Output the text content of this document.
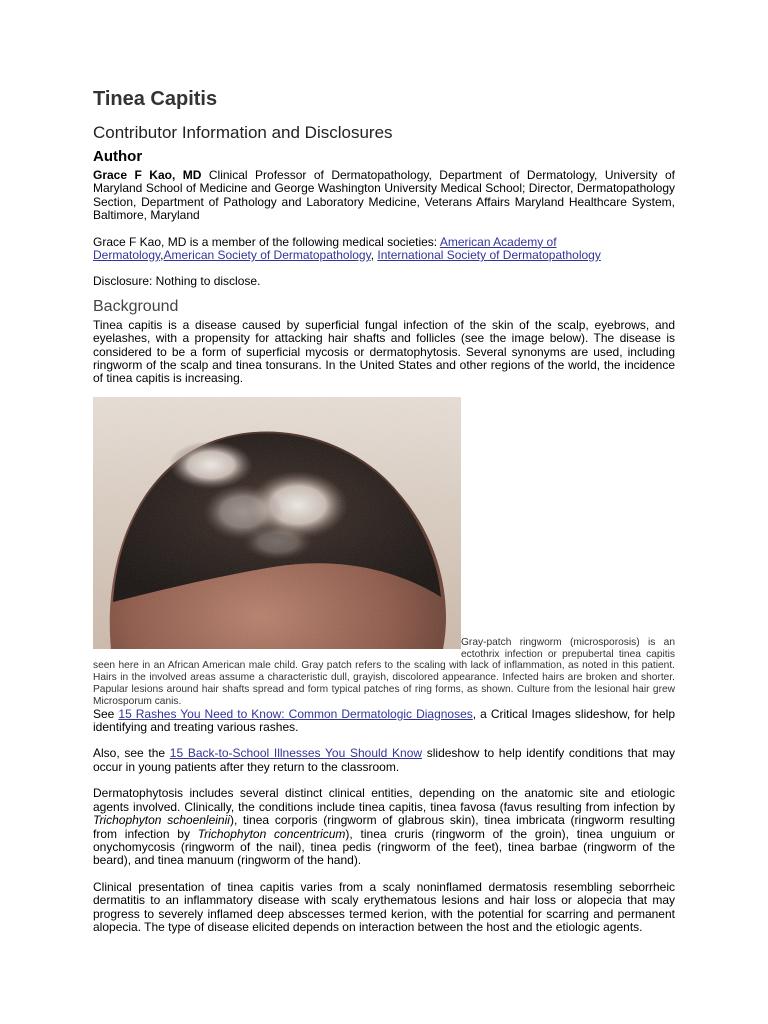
Tinea Capitis
Contributor Information and Disclosures
Author

Grace F Kao, MD Clinical Professor of Dermatopathology, Department of Dermatology, University of Maryland School of Medicine and George Washington University Medical School; Director, Dermatopathology Section, Department of Pathology and Laboratory Medicine, Veterans Affairs Maryland Healthcare System, Baltimore, Maryland

Grace F Kao, MD is a member of the following medical societies: American Academy of Dermatology,American Society of Dermatopathology, International Society of Dermatopathology

Disclosure: Nothing to disclose.

Background

Tinea capitis is a disease caused by superficial fungal infection of the skin of the scalp, eyebrows, and eyelashes, with a propensity for attacking hair shafts and follicles (see the image below). The disease is considered to be a form of superficial mycosis or dermatophytosis. Several synonyms are used, including ringworm of the scalp and tinea tonsurans. In the United States and other regions of the world, the incidence of tinea capitis is increasing.

Gray-patch ringworm (microsporosis) is an ectothrix infection or prepubertal tinea capitis seen here in an African American male child. Gray patch refers to the scaling with lack of inflammation, as noted in this patient. Hairs in the involved areas assume a characteristic dull, grayish, discolored appearance. Infected hairs are broken and shorter. Papular lesions around hair shafts spread and form typical patches of ring forms, as shown. Culture from the lesional hair grew Microsporum canis.

See 15 Rashes You Need to Know: Common Dermatologic Diagnoses, a Critical Images slideshow, for help identifying and treating various rashes.

Also, see the 15 Back-to-School Illnesses You Should Know slideshow to help identify conditions that may occur in young patients after they return to the classroom.

Dermatophytosis includes several distinct clinical entities, depending on the anatomic site and etiologic agents involved. Clinically, the conditions include tinea capitis, tinea favosa (favus resulting from infection by Trichophyton schoenleinii), tinea corporis (ringworm of glabrous skin), tinea imbricata (ringworm resulting from infection by Trichophyton concentricum), tinea cruris (ringworm of the groin), tinea unguium or onychomycosis (ringworm of the nail), tinea pedis (ringworm of the feet), tinea barbae (ringworm of the beard), and tinea manuum (ringworm of the hand).

Clinical presentation of tinea capitis varies from a scaly noninflamed dermatosis resembling seborrheic dermatitis to an inflammatory disease with scaly erythematous lesions and hair loss or alopecia that may progress to severely inflamed deep abscesses termed kerion, with the potential for scarring and permanent alopecia. The type of disease elicited depends on interaction between the host and the etiologic agents.
